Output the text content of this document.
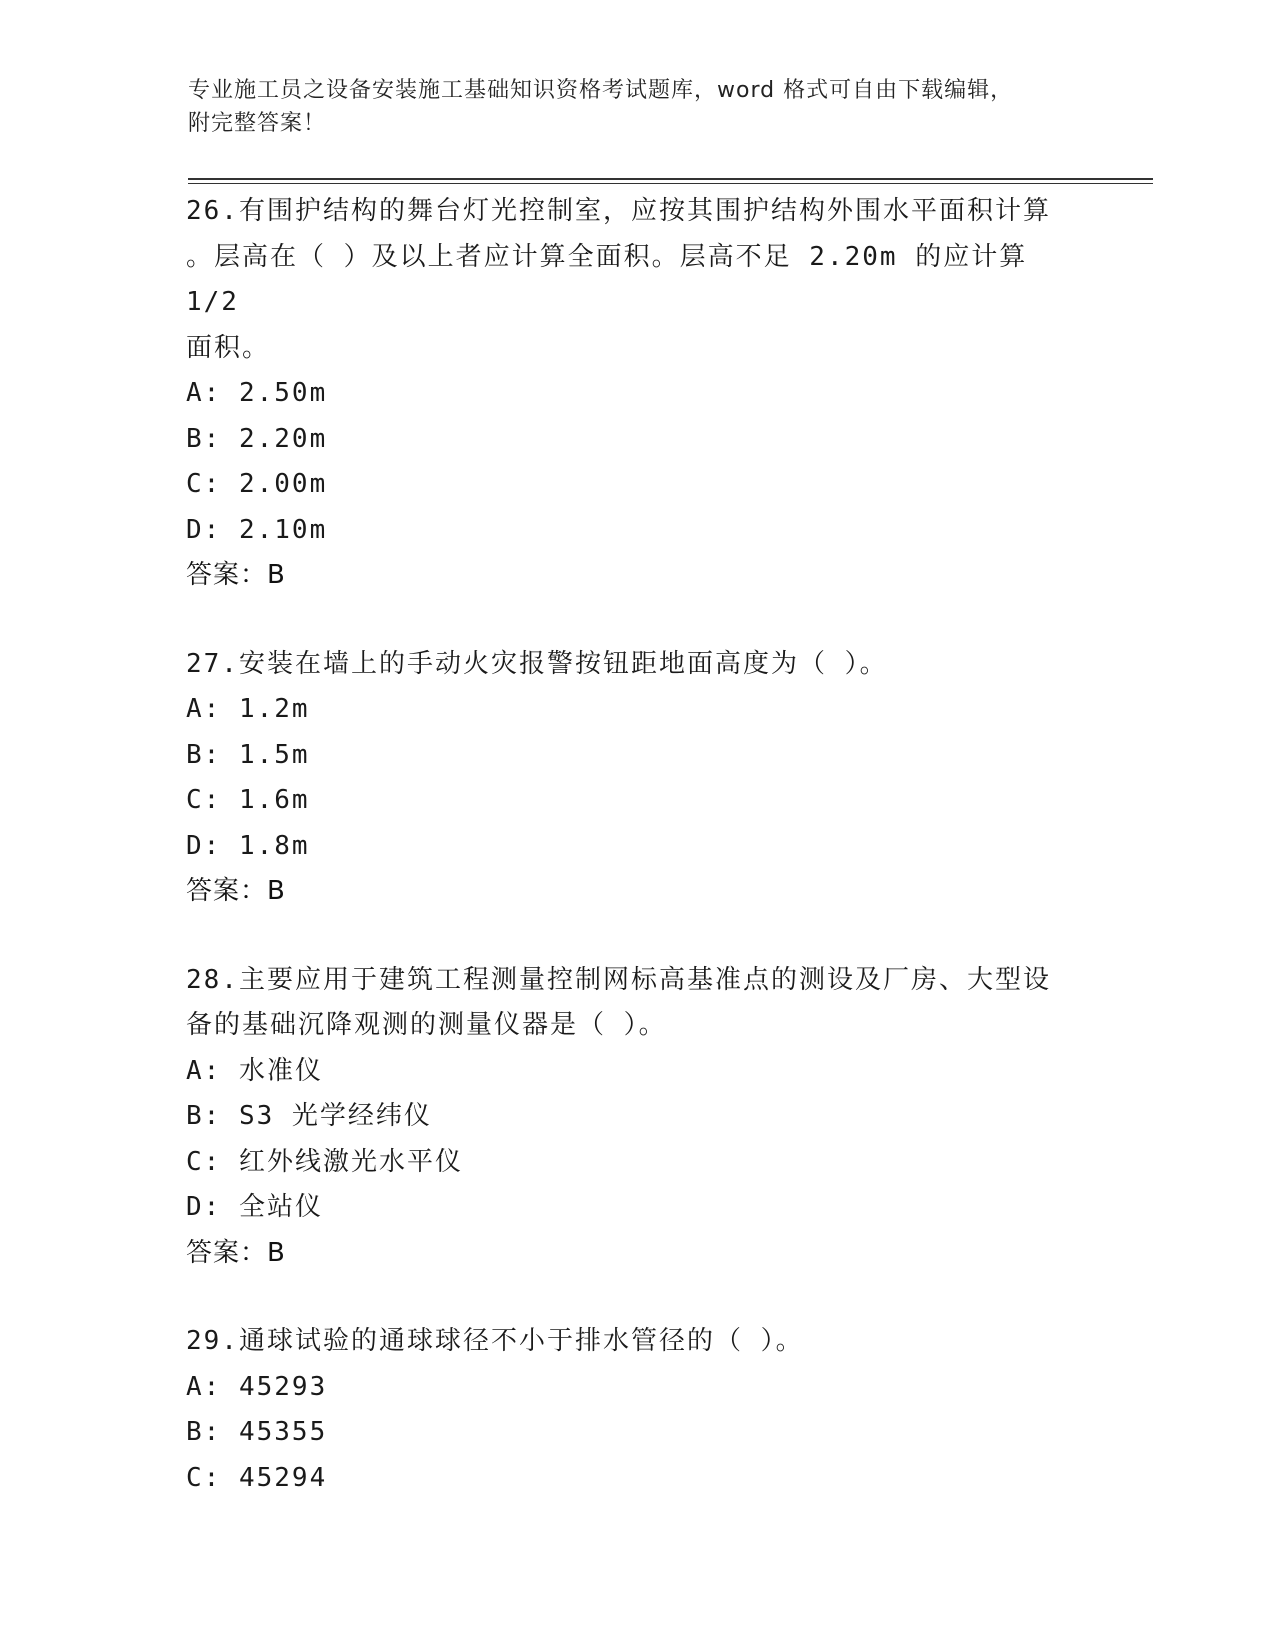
专业施工员之设备安装施工基础知识资格考试题库，word 格式可自由下载编辑，
附完整答案！
26.有围护结构的舞台灯光控制室，应按其围护结构外围水平面积计算
。层高在（ ）及以上者应计算全面积。层高不足 2.20m 的应计算 1/2
面积。
A: 2.50m
B: 2.20m
C: 2.00m
D: 2.10m
答案：B
27.安装在墙上的手动火灾报警按钮距地面高度为（ ）。
A: 1.2m
B: 1.5m
C: 1.6m
D: 1.8m
答案：B
28.主要应用于建筑工程测量控制网标高基准点的测设及厂房、大型设
备的基础沉降观测的测量仪器是（ ）。
A: 水准仪
B: S3 光学经纬仪
C: 红外线激光水平仪
D: 全站仪
答案：B
29.通球试验的通球球径不小于排水管径的（ ）。
A: 45293
B: 45355
C: 45294
